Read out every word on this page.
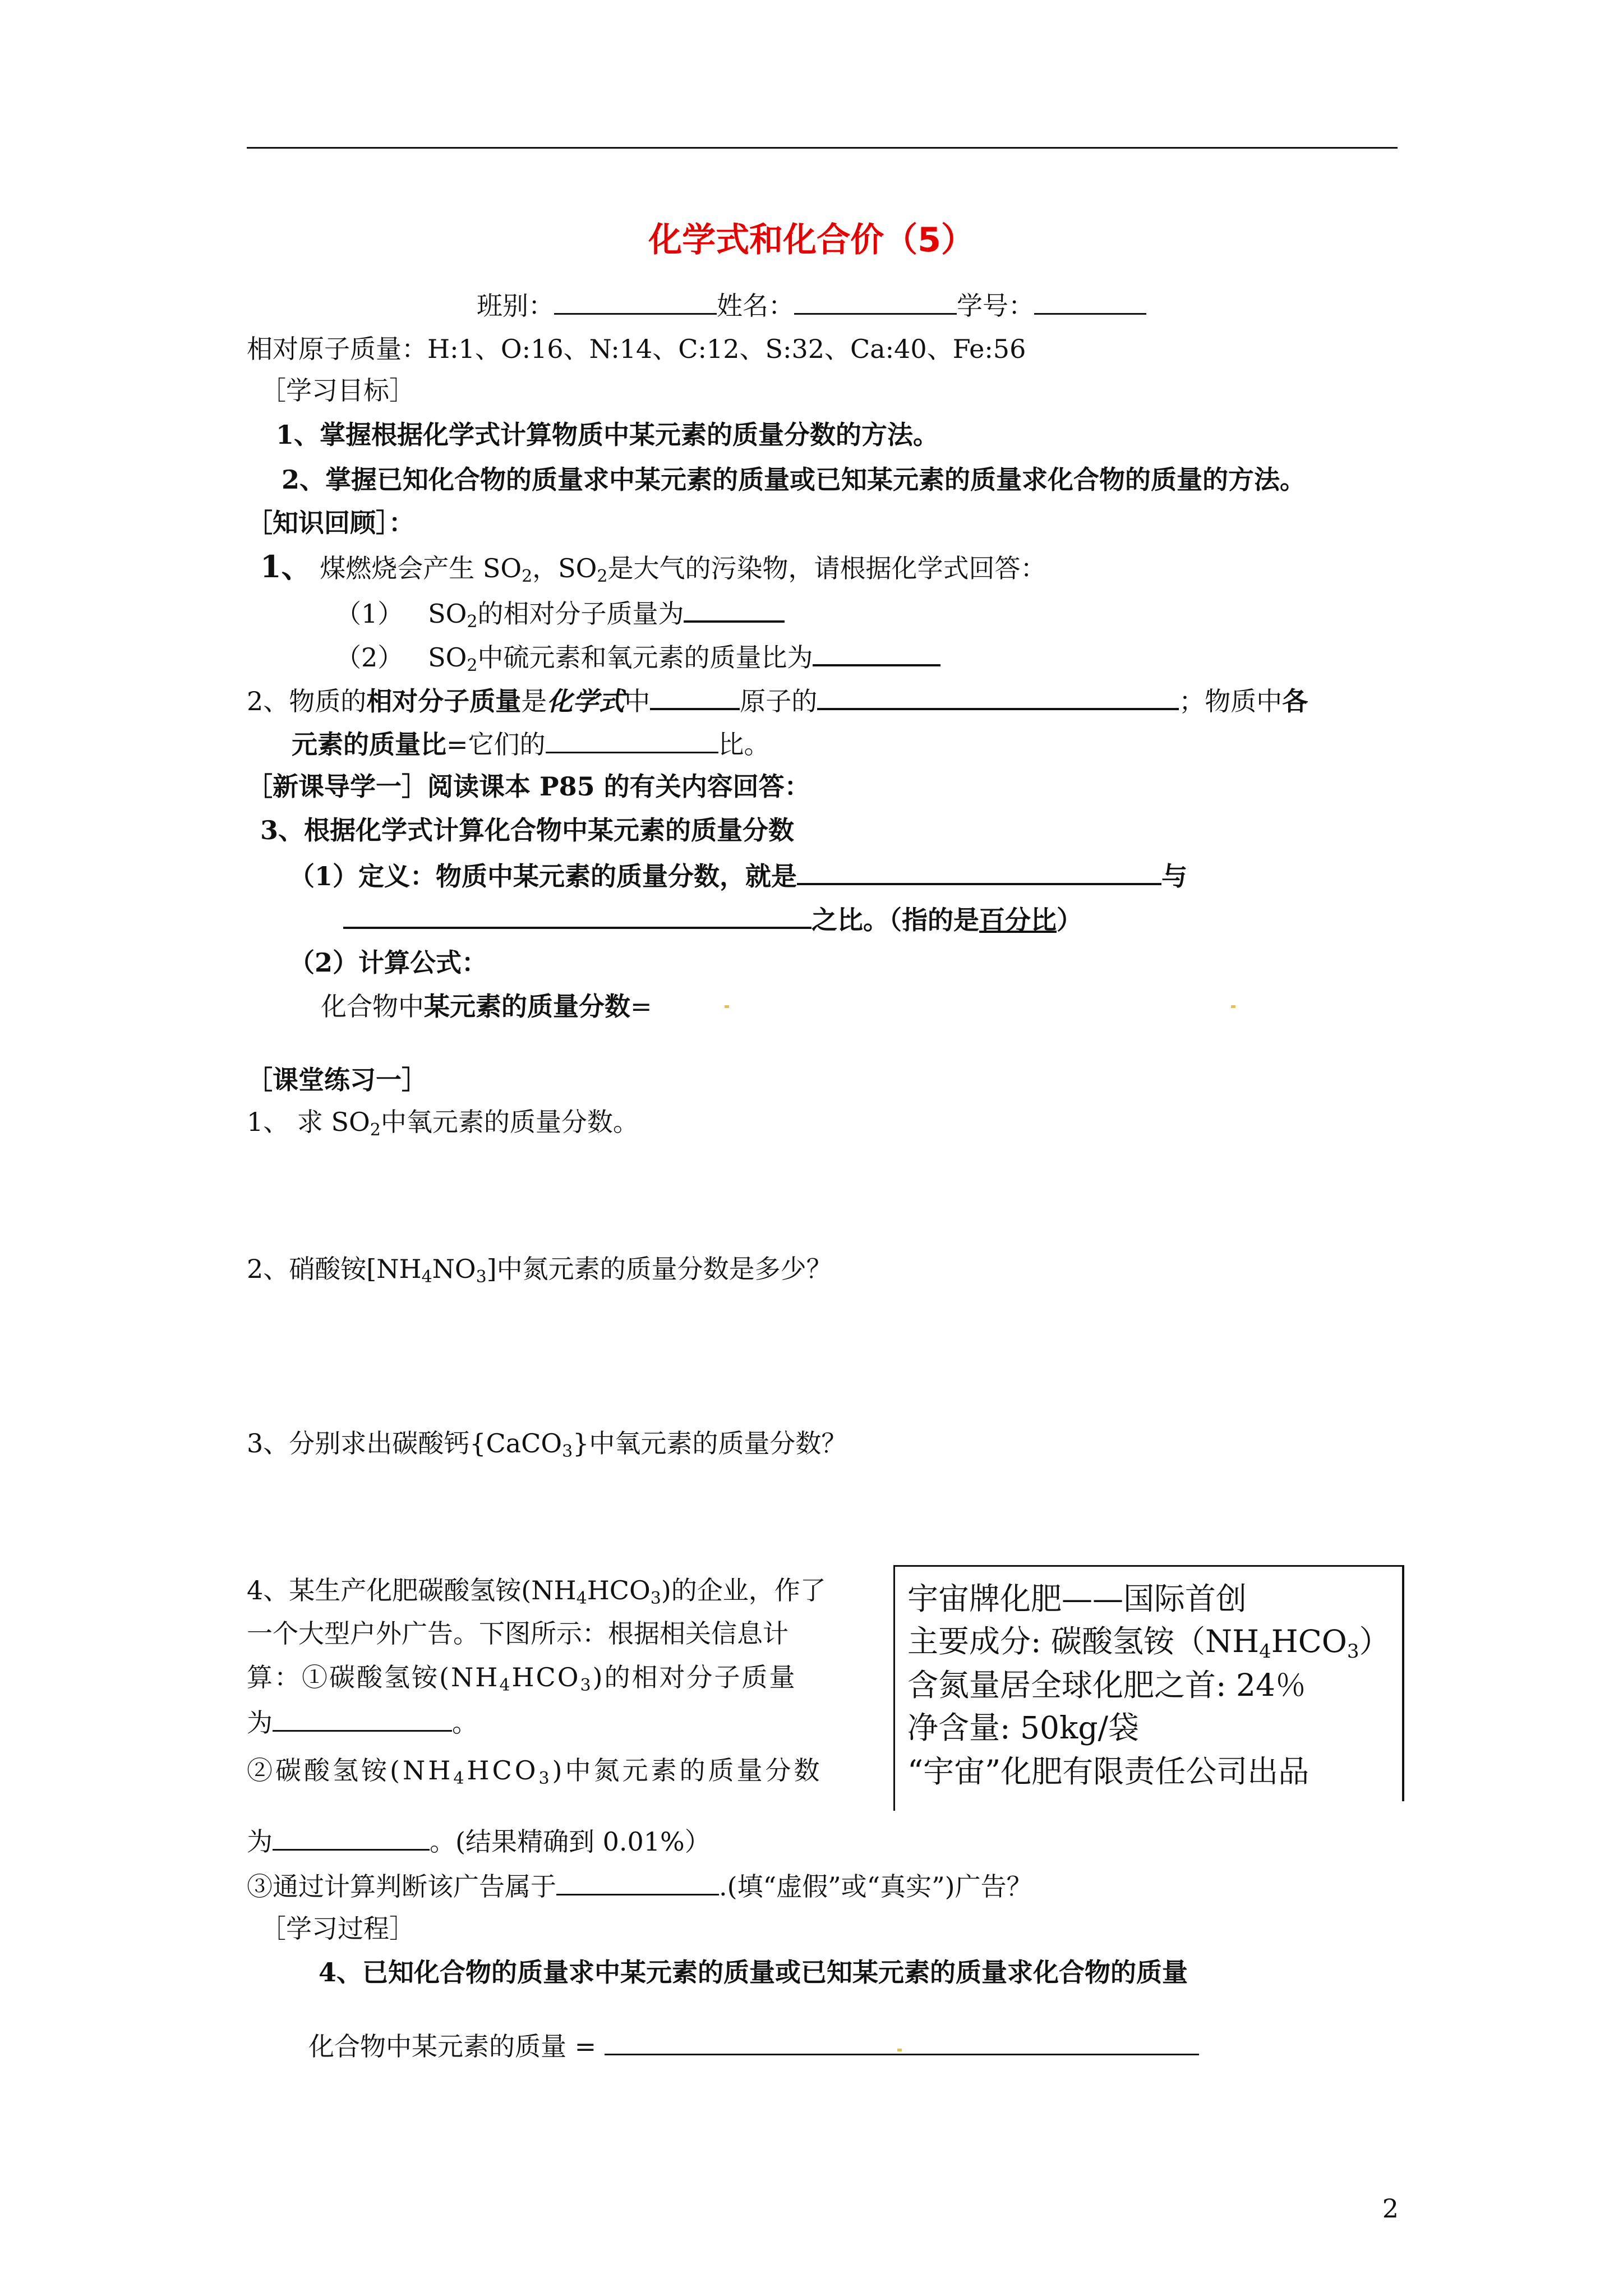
化学式和化合价（5）
班别：	姓名：	学号：
相对原子质量：H:1、O:16、N:14、C:12、S:32、Ca:40、Fe:56
［学习目标］
1、掌握根据化学式计算物质中某元素的质量分数的方法。
2、掌握已知化合物的质量求中某元素的质量或已知某元素的质量求化合物的质量的方法。
［知识回顾］：
1、 煤燃烧会产生 $SO_2$，$SO_2$是大气的污染物，请根据化学式回答：
（1） $SO_2$的相对分子质量为
（2） $SO_2$中硫元素和氧元素的质量比为
2、物质的相对分子质量是化学式中	原子的	；物质中各
元素的质量比=它们的	比。
［新课导学一］阅读课本 P85 的有关内容回答：
3、根据化学式计算化合物中某元素的质量分数
（1）定义：物质中某元素的质量分数，就是	与
之比。（指的是百分比）
（2）计算公式：
化合物中某元素的质量分数=
［课堂练习一］
1、 求 $SO_2$中氧元素的质量分数。
2、硝酸铵$[NH_4NO_3]$中氮元素的质量分数是多少？
3、分别求出碳酸钙{CaCO$_3$}中氧元素的质量分数？
4、某生产化肥碳酸氢铵$(NH_4HCO_3)$的企业，作了
一个大型户外广告。下图所示：根据相关信息计
算：①碳酸氢铵$(NH_4HCO_3)$的相对分子质量
为	。
②碳酸氢铵$(NH_4HCO_3)$中氮元素的质量分数
为	。(结果精确到 0.01%）
③通过计算判断该广告属于	.(填“虚假”或“真实”)广告？
宇宙牌化肥——国际首创
主要成分: 碳酸氢铵$(NH_4HCO_3)$
含氮量居全球化肥之首: 24％
净含量: 50kg/袋
“宇宙”化肥有限责任公司出品
［学习过程］
4、已知化合物的质量求中某元素的质量或已知某元素的质量求化合物的质量
化合物中某元素的质量 =
2
